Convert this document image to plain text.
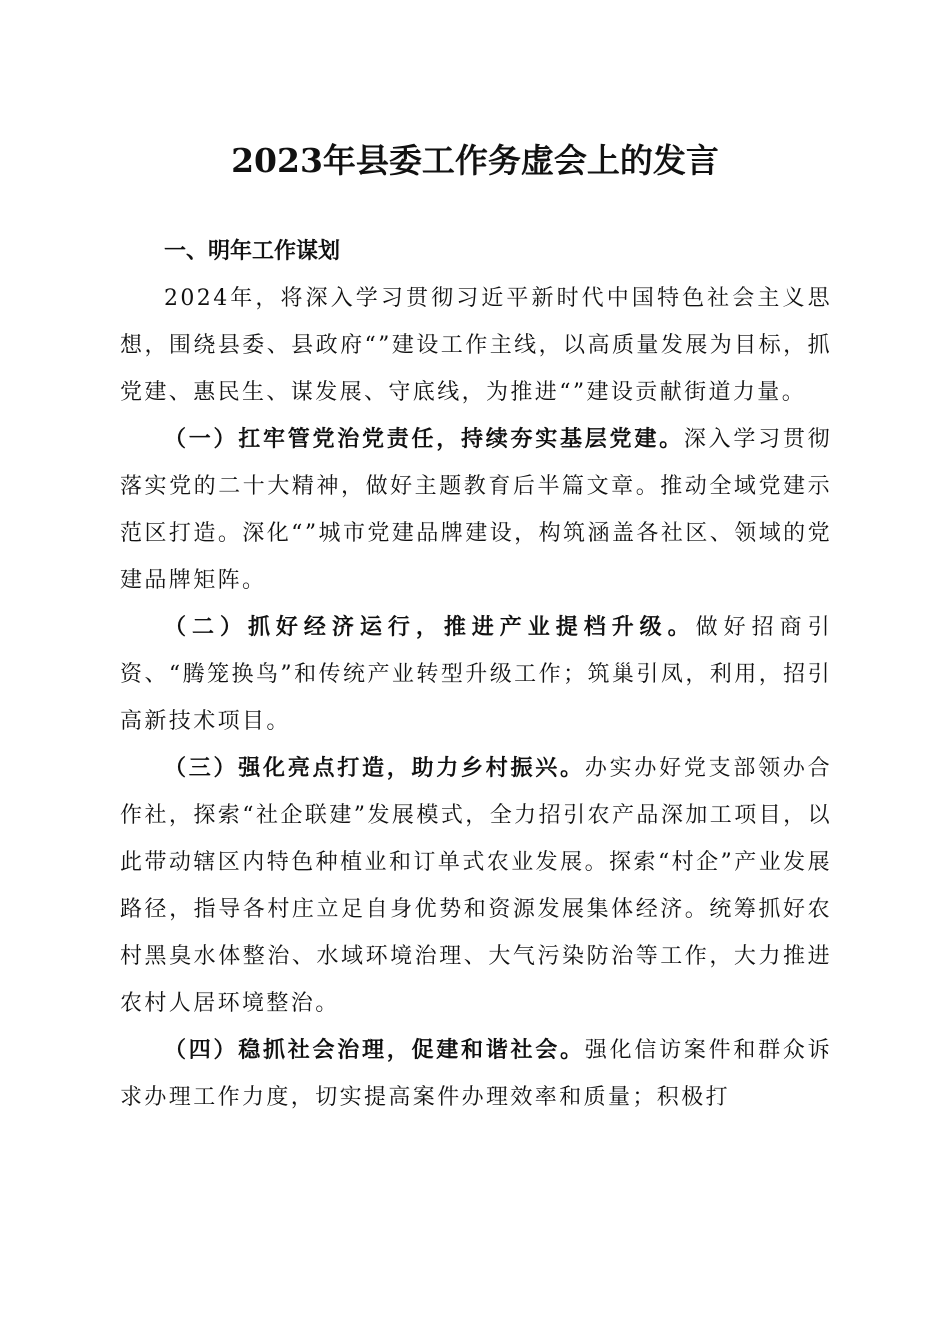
2023年县委工作务虚会上的发言

一、明年工作谋划

2024年，将深入学习贯彻习近平新时代中国特色社会主义思想，围绕县委、县政府“”建设工作主线，以高质量发展为目标，抓党建、惠民生、谋发展、守底线，为推进“”建设贡献街道力量。

（一）扛牢管党治党责任，持续夯实基层党建。深入学习贯彻落实党的二十大精神，做好主题教育后半篇文章。推动全域党建示范区打造。深化“”城市党建品牌建设，构筑涵盖各社区、领域的党建品牌矩阵。

（二）抓好经济运行，推进产业提档升级。做好招商引资、“腾笼换鸟”和传统产业转型升级工作；筑巢引凤，利用，招引高新技术项目。

（三）强化亮点打造，助力乡村振兴。办实办好党支部领办合作社，探索“社企联建”发展模式，全力招引农产品深加工项目，以此带动辖区内特色种植业和订单式农业发展。探索“村企”产业发展路径，指导各村庄立足自身优势和资源发展集体经济。统筹抓好农村黑臭水体整治、水域环境治理、大气污染防治等工作，大力推进农村人居环境整治。

（四）稳抓社会治理，促建和谐社会。强化信访案件和群众诉求办理工作力度，切实提高案件办理效率和质量；积极打
